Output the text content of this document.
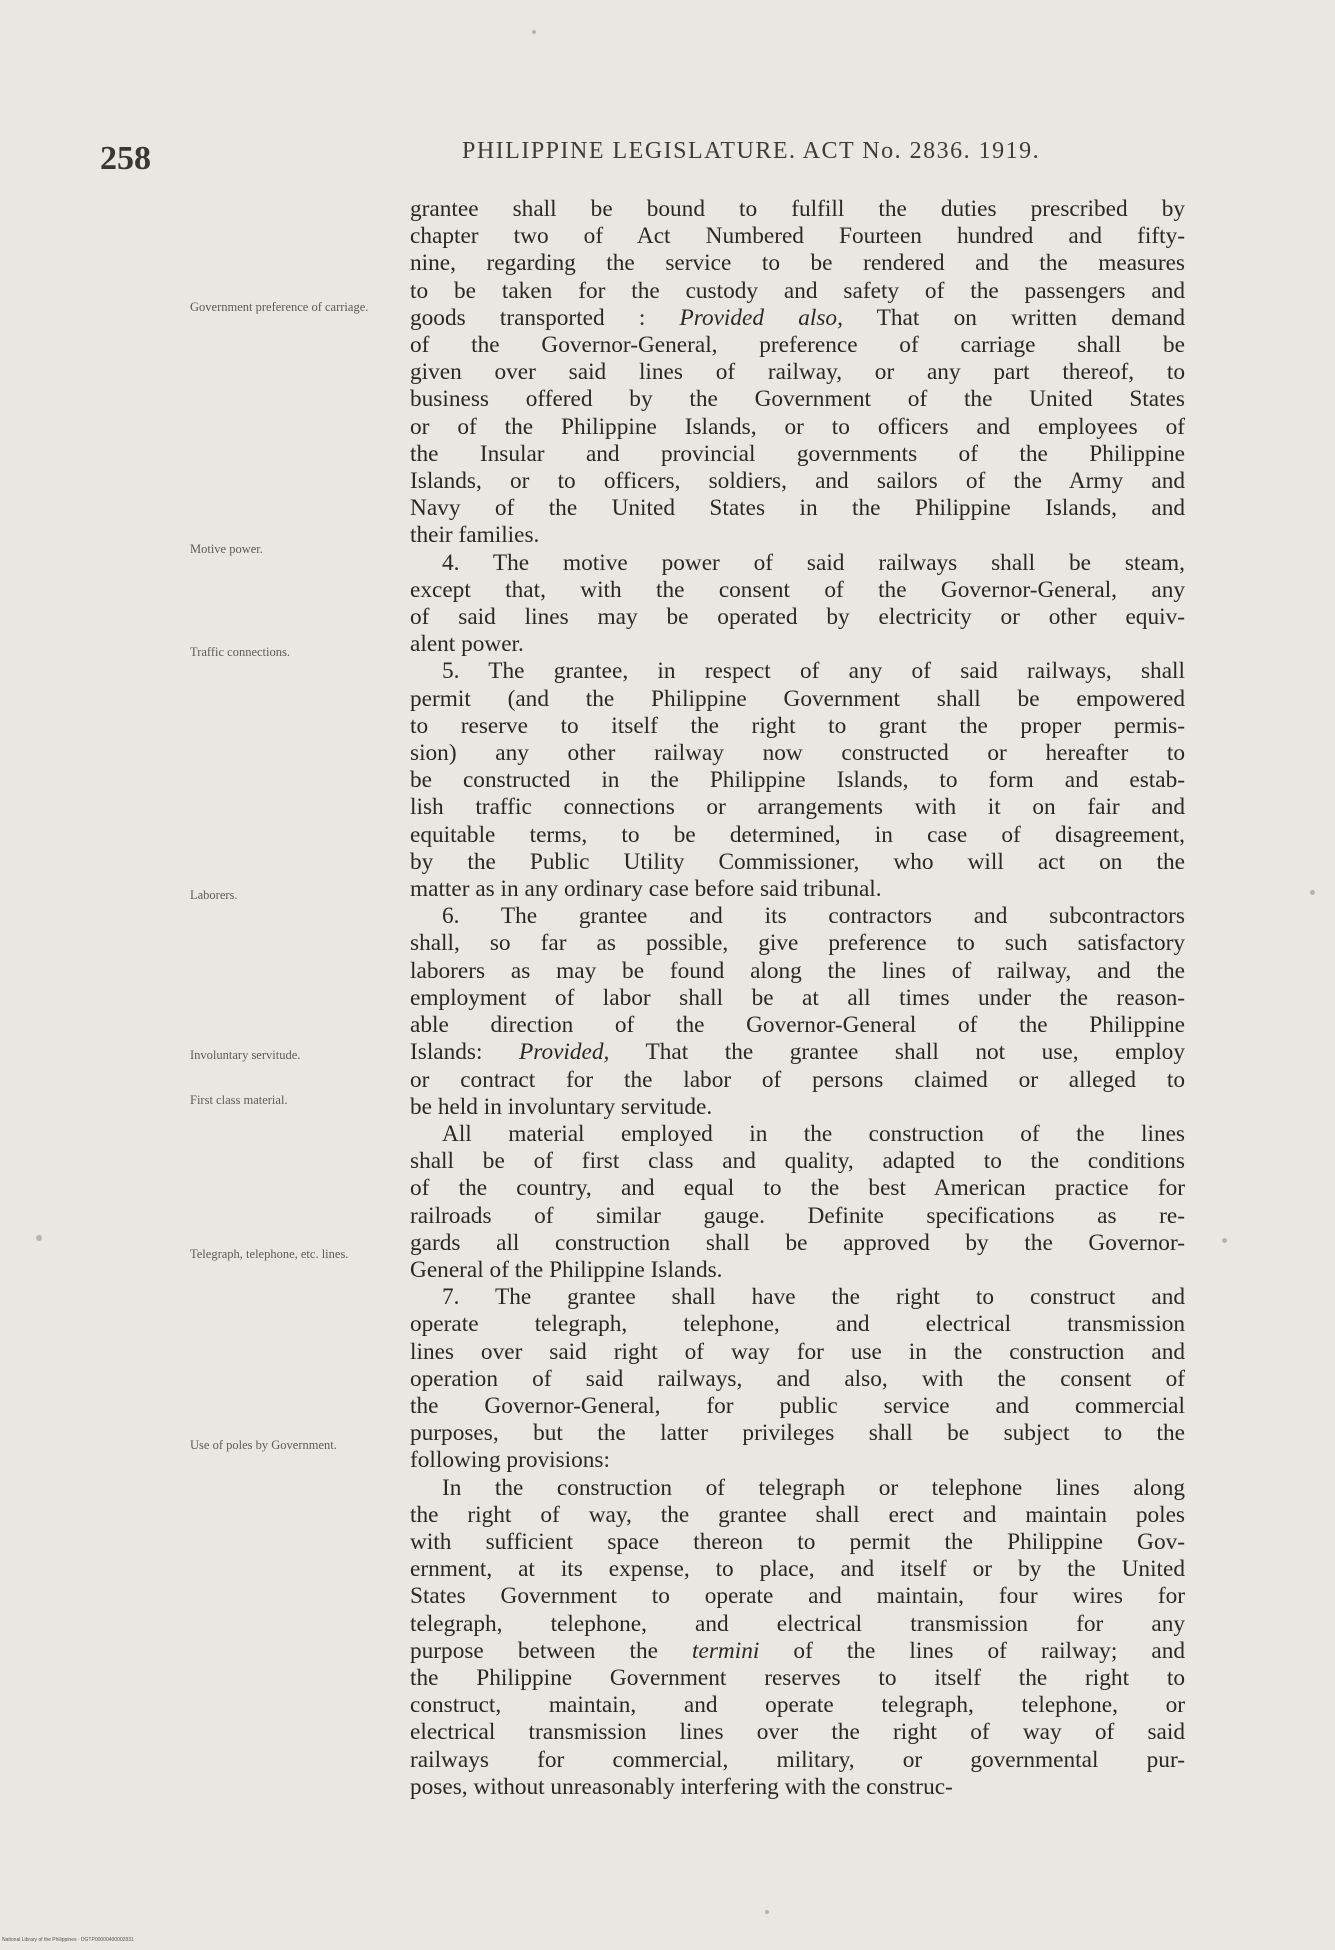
258	PHILIPPINE LEGISLATURE. ACT No. 2836. 1919.
Government preference of carriage.
Motive power.
Traffic connections.
Laborers.
Involuntary servitude.
First class material.
Telegraph, telephone, etc. lines.
Use of poles by Government.

grantee shall be bound to fulfill the duties prescribed by
chapter two of Act Numbered Fourteen hundred and fifty-
nine, regarding the service to be rendered and the measures
to be taken for the custody and safety of the passengers and
goods transported : Provided also, That on written demand
of the Governor-General, preference of carriage shall be
given over said lines of railway, or any part thereof, to
business offered by the Government of the United States
or of the Philippine Islands, or to officers and employees of
the Insular and provincial governments of the Philippine
Islands, or to officers, soldiers, and sailors of the Army and
Navy of the United States in the Philippine Islands, and
their families.

4. The motive power of said railways shall be steam,
except that, with the consent of the Governor-General, any
of said lines may be operated by electricity or other equiv-
alent power.

5. The grantee, in respect of any of said railways, shall
permit (and the Philippine Government shall be empowered
to reserve to itself the right to grant the proper permis-
sion) any other railway now constructed or hereafter to
be constructed in the Philippine Islands, to form and estab-
lish traffic connections or arrangements with it on fair and
equitable terms, to be determined, in case of disagreement,
by the Public Utility Commissioner, who will act on the
matter as in any ordinary case before said tribunal.

6. The grantee and its contractors and subcontractors
shall, so far as possible, give preference to such satisfactory
laborers as may be found along the lines of railway, and the
employment of labor shall be at all times under the reason-
able direction of the Governor-General of the Philippine
Islands: Provided, That the grantee shall not use, employ
or contract for the labor of persons claimed or alleged to
be held in involuntary servitude.

All material employed in the construction of the lines
shall be of first class and quality, adapted to the conditions
of the country, and equal to the best American practice for
railroads of similar gauge. Definite specifications as re-
gards all construction shall be approved by the Governor-
General of the Philippine Islands.

7. The grantee shall have the right to construct and
operate telegraph, telephone, and electrical transmission
lines over said right of way for use in the construction and
operation of said railways, and also, with the consent of
the Governor-General, for public service and commercial
purposes, but the latter privileges shall be subject to the
following provisions:

In the construction of telegraph or telephone lines along
the right of way, the grantee shall erect and maintain poles
with sufficient space thereon to permit the Philippine Gov-
ernment, at its expense, to place, and itself or by the United
States Government to operate and maintain, four wires for
telegraph, telephone, and electrical transmission for any
purpose between the termini of the lines of railway; and
the Philippine Government reserves to itself the right to
construct, maintain, and operate telegraph, telephone, or
electrical transmission lines over the right of way of said
railways for commercial, military, or governmental pur-
poses, without unreasonably interfering with the construc-

National Library of the Philippines · DGTP00000400002831
